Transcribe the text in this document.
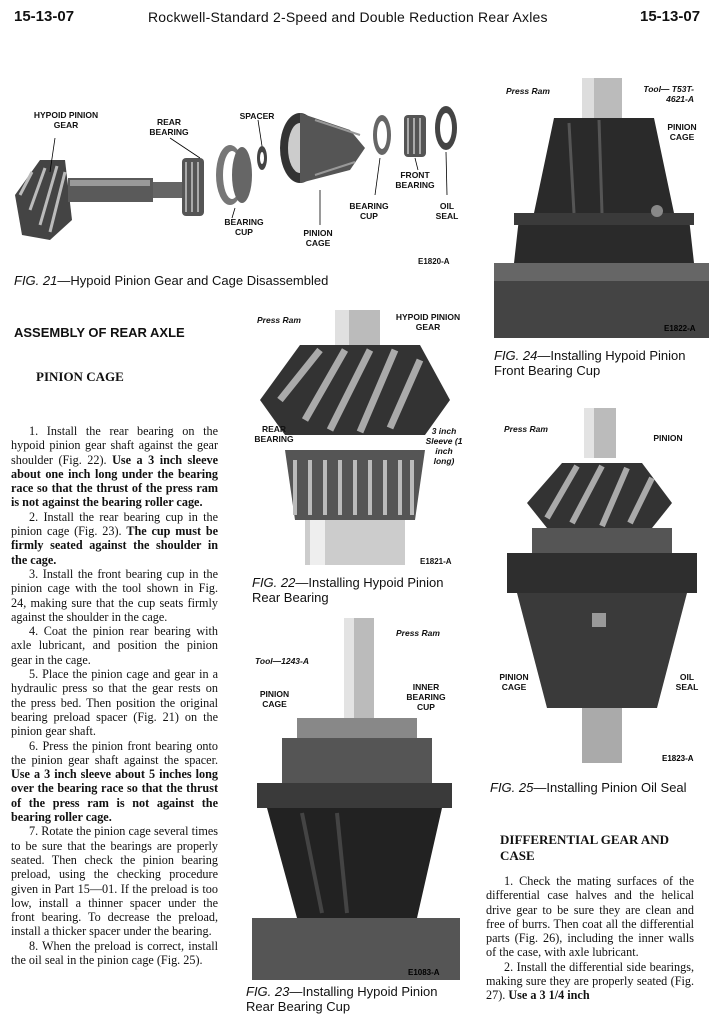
15-13-07	Rockwell-Standard 2-Speed and Double Reduction Rear Axles	15-13-07
HYPOID PINION GEAR	REAR BEARING
SPACER
BEARING CUP	PINION CAGE
BEARING CUP
FRONT BEARING
OIL SEAL
E1820-A
FIG. 21—Hypoid Pinion Gear and Cage Disassembled
Press Ram	Tool— T53T-4621-A
PINION CAGE
E1822-A
FIG. 24—Installing Hypoid Pinion Front Bearing Cup
ASSEMBLY OF REAR AXLE
PINION CAGE

1. Install the rear bearing on the hypoid pinion gear shaft against the gear shoulder (Fig. 22). Use a 3 inch sleeve about one inch long under the bearing race so that the thrust of the press ram is not against the bearing roller cage.

2. Install the rear bearing cup in the pinion cage (Fig. 23). The cup must be firmly seated against the shoulder in the cage.

3. Install the front bearing cup in the pinion cage with the tool shown in Fig. 24, making sure that the cup seats firmly against the shoulder in the cage.

4. Coat the pinion rear bearing with axle lubricant, and position the pinion gear in the cage.

5. Place the pinion cage and gear in a hydraulic press so that the gear rests on the press bed. Then position the original bearing preload spacer (Fig. 21) on the pinion gear shaft.

6. Press the pinion front bearing onto the pinion gear shaft against the spacer. Use a 3 inch sleeve about 5 inches long over the bearing race so that the thrust of the press ram is not against the bearing roller cage.

7. Rotate the pinion cage several times to be sure that the bearings are properly seated. Then check the pinion bearing preload, using the checking procedure given in Part 15—01. If the preload is too low, install a thinner spacer under the front bearing. To decrease the preload, install a thicker spacer under the bearing.

8. When the preload is correct, install the oil seal in the pinion cage (Fig. 25).

Press Ram	HYPOID PINION GEAR
REAR BEARING
3 inch Sleeve (1 inch long)
E1821-A
FIG. 22—Installing Hypoid Pinion Rear Bearing
Press Ram
Tool—1243-A
PINION CAGE
INNER BEARING CUP
E1083-A
FIG. 23—Installing Hypoid Pinion Rear Bearing Cup
Press Ram
PINION
PINION CAGE
OIL SEAL
E1823-A
FIG. 25—Installing Pinion Oil Seal
DIFFERENTIAL GEAR AND CASE

1. Check the mating surfaces of the differential case halves and the helical drive gear to be sure they are clean and free of burrs. Then coat all the differential parts (Fig. 26), including the inner walls of the case, with axle lubricant.

2. Install the differential side bearings, making sure they are properly seated (Fig. 27). Use a 3 1/4 inch
